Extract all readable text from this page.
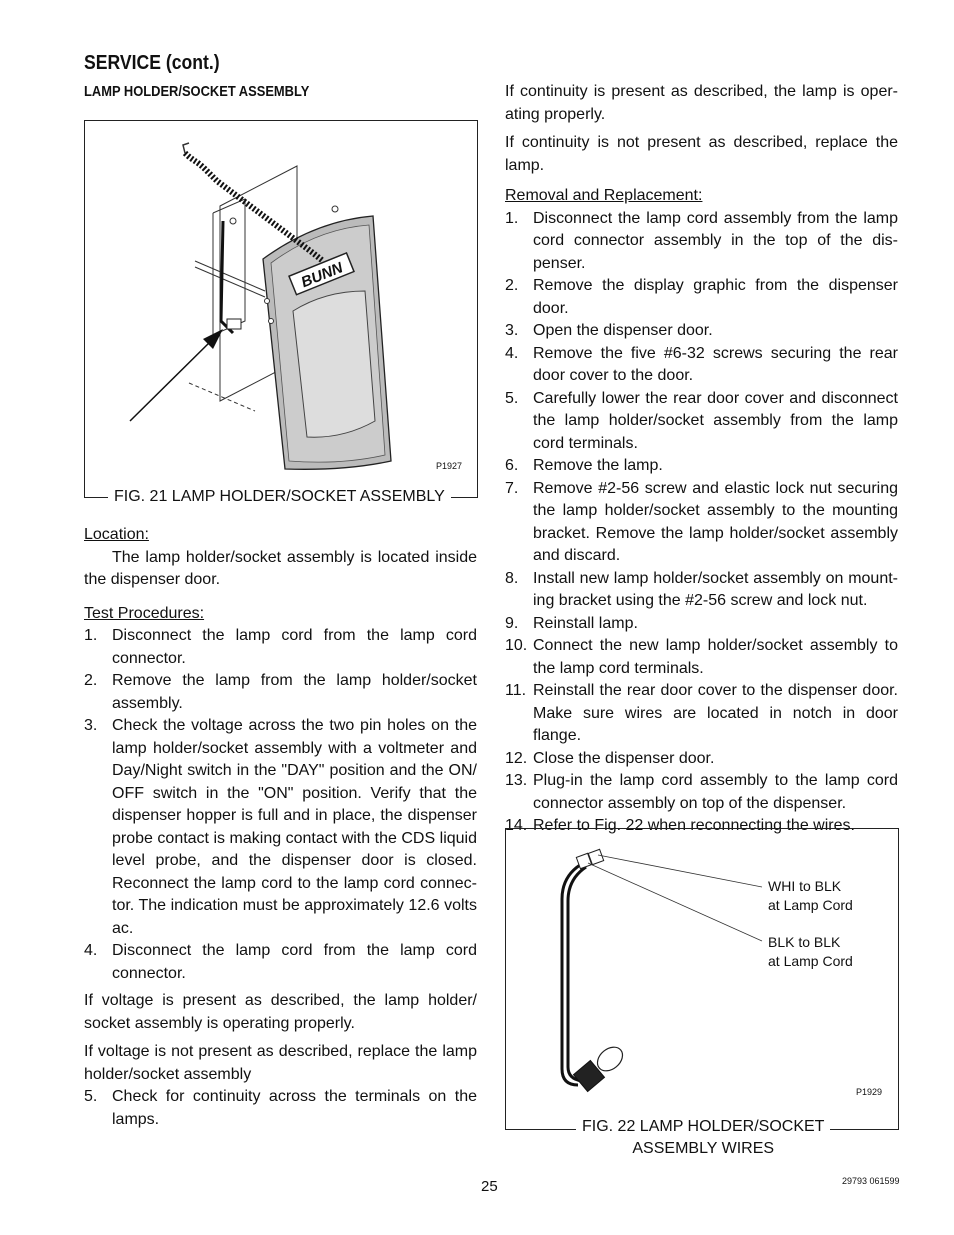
SERVICE (cont.)
LAMP HOLDER/SOCKET ASSEMBLY
BUNN
P1927
FIG. 21 LAMP HOLDER/SOCKET ASSEMBLY

Location:

The lamp holder/socket assembly is located inside the dispenser door.

Test Procedures:

1. Disconnect the lamp cord from the lamp cord connector.
2. Remove the lamp from the lamp holder/socket assembly.
3. Check the voltage across the two pin holes on the lamp holder/socket assembly with a voltmeter and Day/Night switch in the "DAY" position and the ON/ OFF switch in the "ON" position. Verify that the dispenser hopper is full and in place, the dispenser probe contact is making contact with the CDS liquid level probe, and the dispenser door is closed. Reconnect the lamp cord to the lamp cord connec-tor. The indication must be approximately 12.6 volts ac.
4. Disconnect the lamp cord from the lamp cord connector.

If voltage is present as described, the lamp holder/ socket assembly is operating properly.

If voltage is not present as described, replace the lamp holder/socket assembly

5. Check for continuity across the terminals on the lamps.

If continuity is present as described, the lamp is oper-ating properly.

If continuity is not present as described, replace the lamp.

Removal and Replacement:

1. Disconnect the lamp cord assembly from the lamp cord connector assembly in the top of the dis-penser.
2. Remove the display graphic from the dispenser door.
3. Open the dispenser door.
4. Remove the five #6-32 screws securing the rear door cover to the door.
5. Carefully lower the rear door cover and disconnect the lamp holder/socket assembly from the lamp cord terminals.
6. Remove the lamp.
7. Remove #2-56 screw and elastic lock nut securing the lamp holder/socket assembly to the mounting bracket. Remove the lamp holder/socket assembly and discard.
8. Install new lamp holder/socket assembly on mount-ing bracket using the #2-56 screw and lock nut.
9. Reinstall lamp.
10. Connect the new lamp holder/socket assembly to the lamp cord terminals.
11. Reinstall the rear door cover to the dispenser door. Make sure wires are located in notch in door flange.
12. Close the dispenser door.
13. Plug-in the lamp cord assembly to the lamp cord connector assembly on top of the dispenser.
14. Refer to Fig. 22 when reconnecting the wires.
WHI to BLK
at Lamp Cord
BLK to BLK
at Lamp Cord
P1929
FIG. 22 LAMP HOLDER/SOCKET
ASSEMBLY WIRES
25	29793 061599
